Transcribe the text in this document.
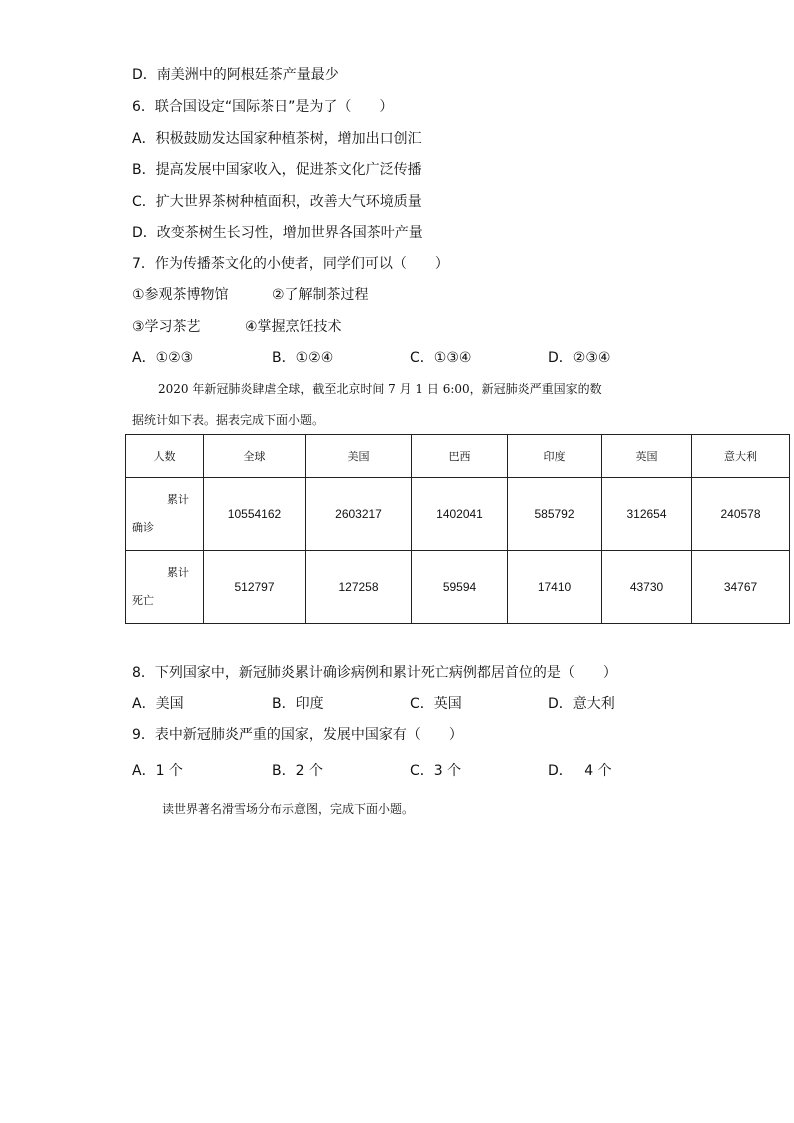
D．南美洲中的阿根廷茶产量最少
6．联合国设定“国际茶日”是为了（　　）
A．积极鼓励发达国家种植茶树，增加出口创汇
B．提高发展中国家收入，促进茶文化广泛传播
C．扩大世界茶树种植面积，改善大气环境质量
D．改变茶树生长习性，增加世界各国茶叶产量
7．作为传播茶文化的小使者，同学们可以（　　）
①参观茶博物馆	②了解制茶过程
③学习茶艺	④掌握烹饪技术
A．①②③	B．①②④	C．①③④	D．②③④
2020 年新冠肺炎肆虐全球，截至北京时间 7 月 1 日 6:00，新冠肺炎严重国家的数
据统计如下表。据表完成下面小题。
人数	全球	美国	巴西	印度	英国	意大利

累计
确诊	10554162	2603217	1402041	585792	312654	240578

累计
死亡	512797	127258	59594	17410	43730	34767
8．下列国家中，新冠肺炎累计确诊病例和累计死亡病例都居首位的是（　　）
A．美国	B．印度	C．英国	D．意大利
9．表中新冠肺炎严重的国家，发展中国家有（　　）
A．1 个	B．2 个	C．3 个	D．　 4 个
读世界著名滑雪场分布示意图，完成下面小题。
